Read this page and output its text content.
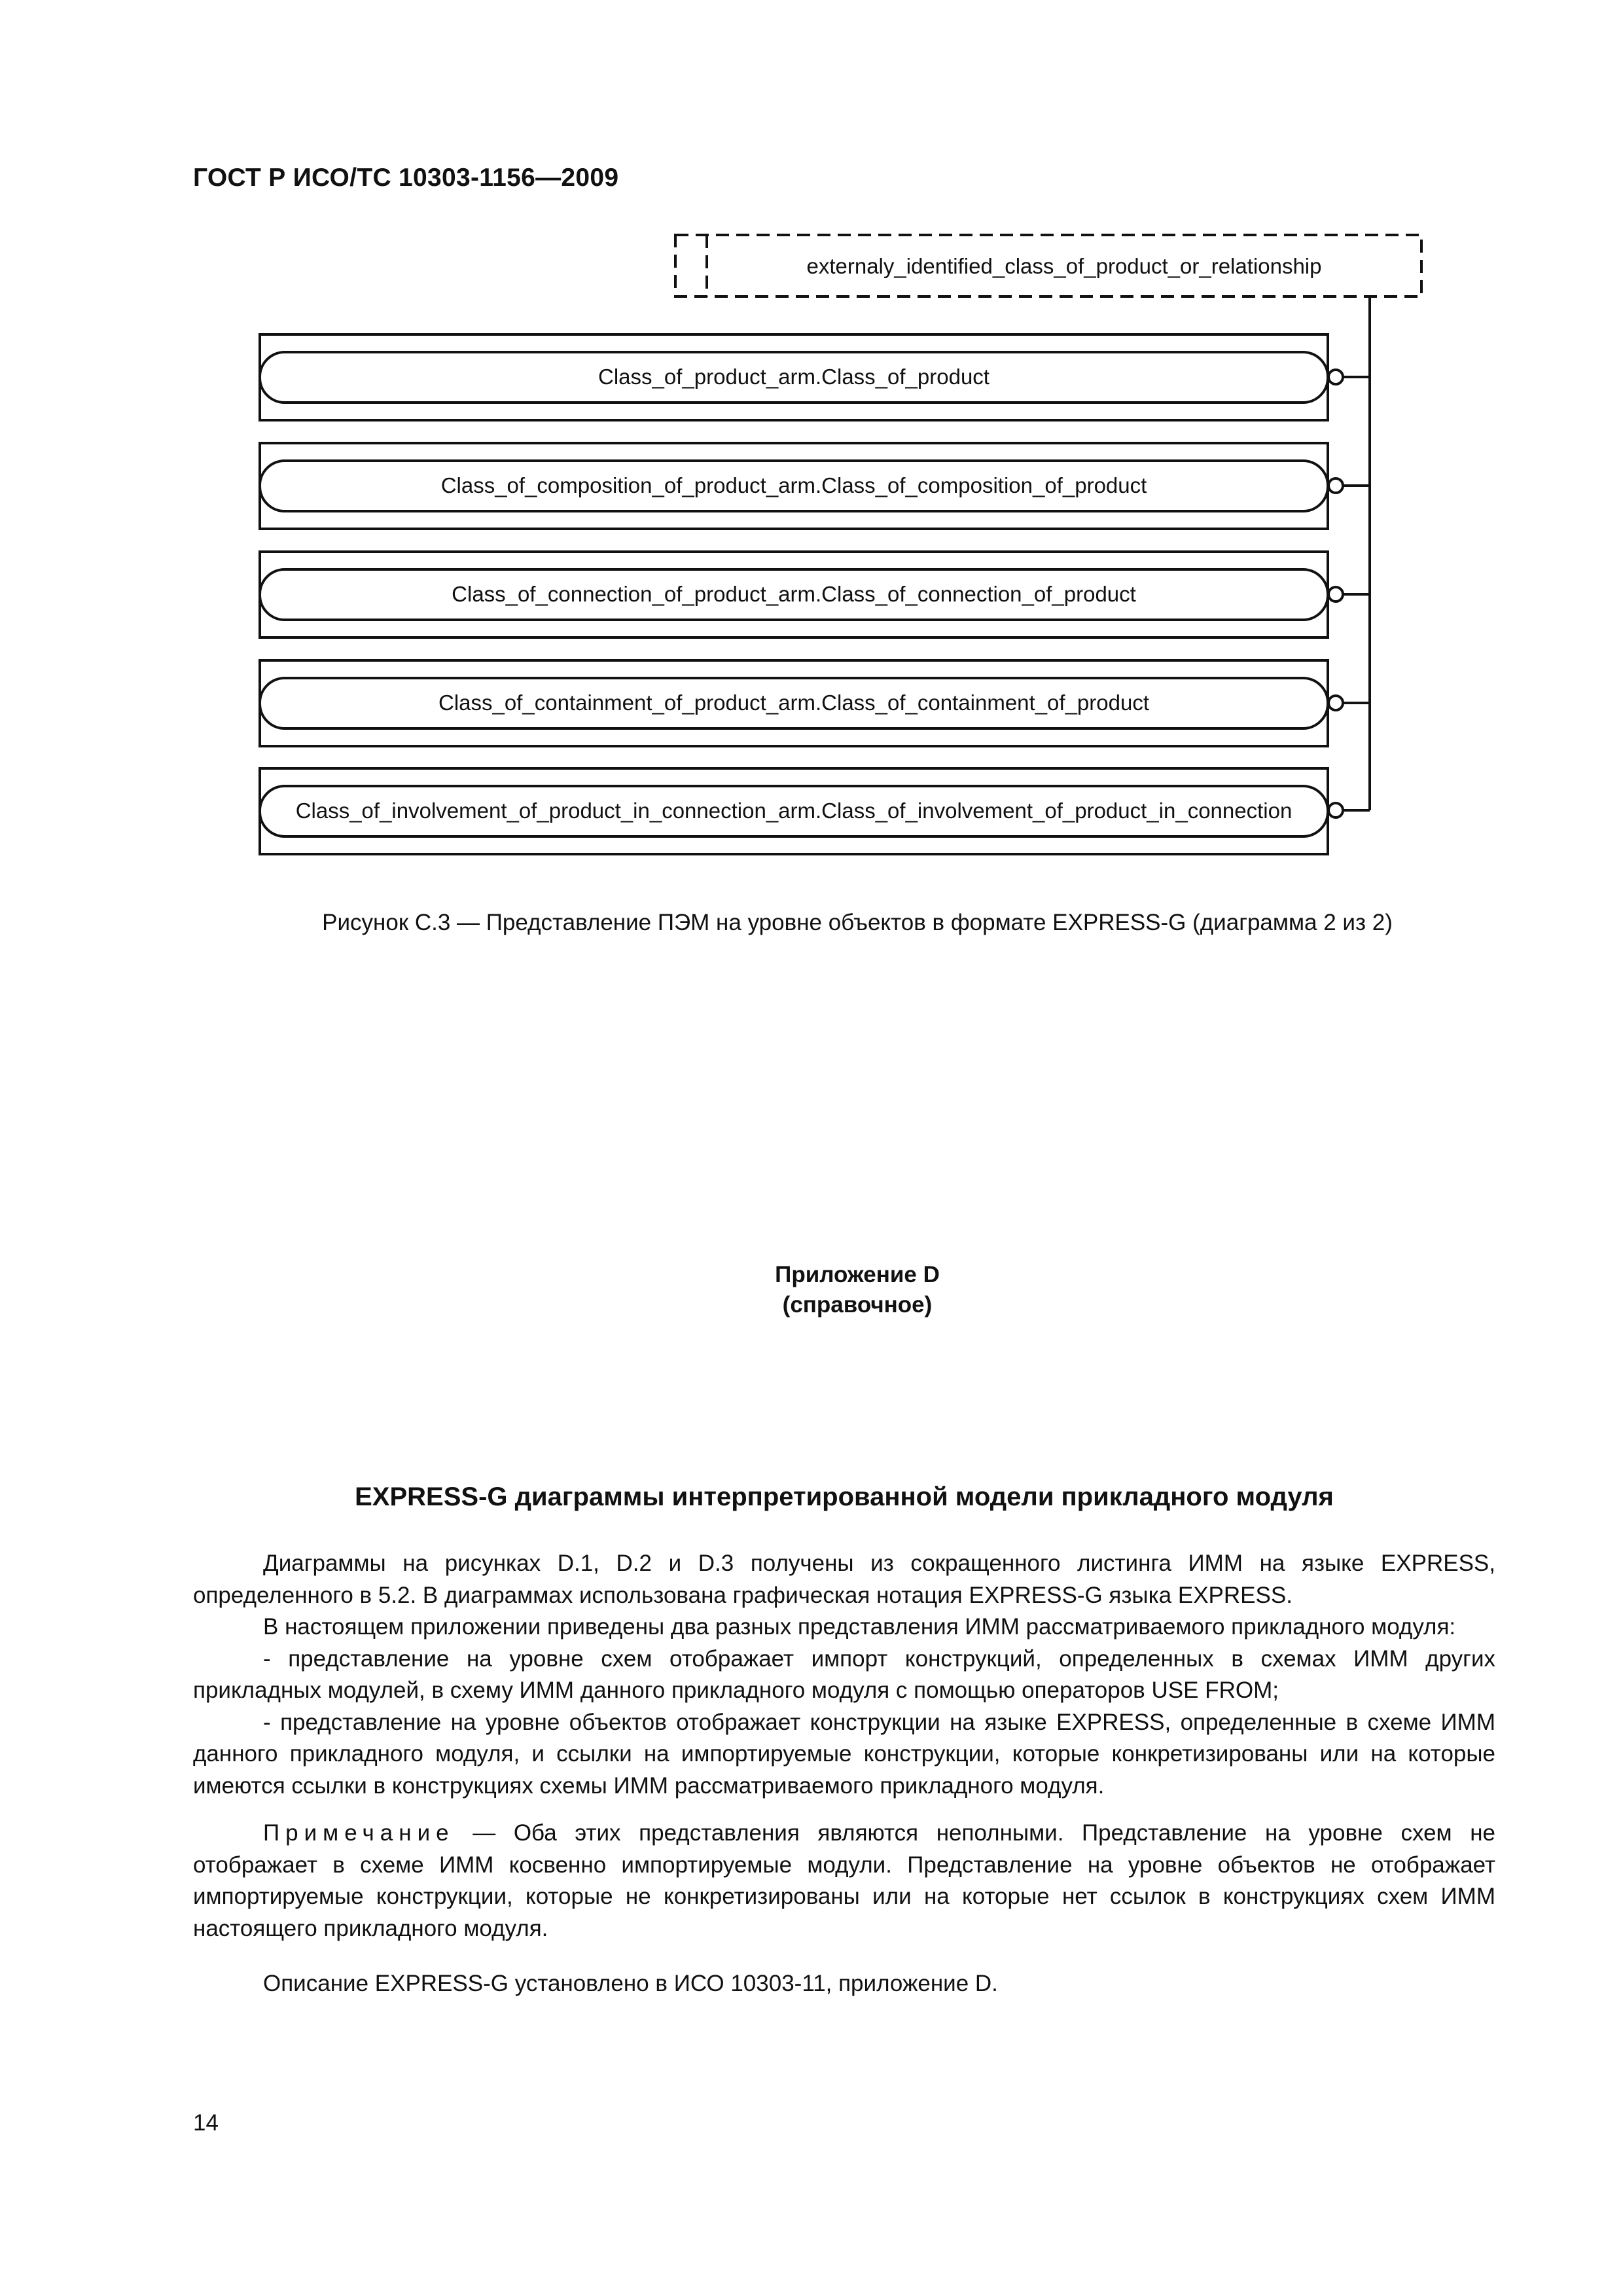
ГОСТ Р ИСО/ТС 10303-1156—2009
externaly_identified_class_of_product_or_relationship
Class_of_product_arm.Class_of_product
Class_of_composition_of_product_arm.Class_of_composition_of_product
Class_of_connection_of_product_arm.Class_of_connection_of_product
Class_of_containment_of_product_arm.Class_of_containment_of_product
Class_of_involvement_of_product_in_connection_arm.Class_of_involvement_of_product_in_connection
Рисунок С.3 — Представление ПЭМ на уровне объектов в формате EXPRESS-G (диаграмма 2 из 2)
Приложение D
(справочное)
EXPRESS-G диаграммы интерпретированной модели прикладного модуля

Диаграммы на рисунках D.1, D.2 и D.3 получены из сокращенного листинга ИММ на языке EXPRESS, определенного в 5.2. В диаграммах использована графическая нотация EXPRESS-G языка EXPRESS.

В настоящем приложении приведены два разных представления ИММ рассматриваемого прикладного модуля:

- представление на уровне схем отображает импорт конструкций, определенных в схемах ИММ других прикладных модулей, в схему ИММ данного прикладного модуля с помощью операторов USE FROM;

- представление на уровне объектов отображает конструкции на языке EXPRESS, определенные в схеме ИММ данного прикладного модуля, и ссылки на импортируемые конструкции, которые конкретизированы или на которые имеются ссылки в конструкциях схемы ИММ рассматриваемого прикладного модуля.

Примечание — Оба этих представления являются неполными. Представление на уровне схем не отображает в схеме ИММ косвенно импортируемые модули. Представление на уровне объектов не отображает импортируемые конструкции, которые не конкретизированы или на которые нет ссылок в конструкциях схем ИММ настоящего прикладного модуля.

Описание EXPRESS-G установлено в ИСО 10303-11, приложение D.

14
